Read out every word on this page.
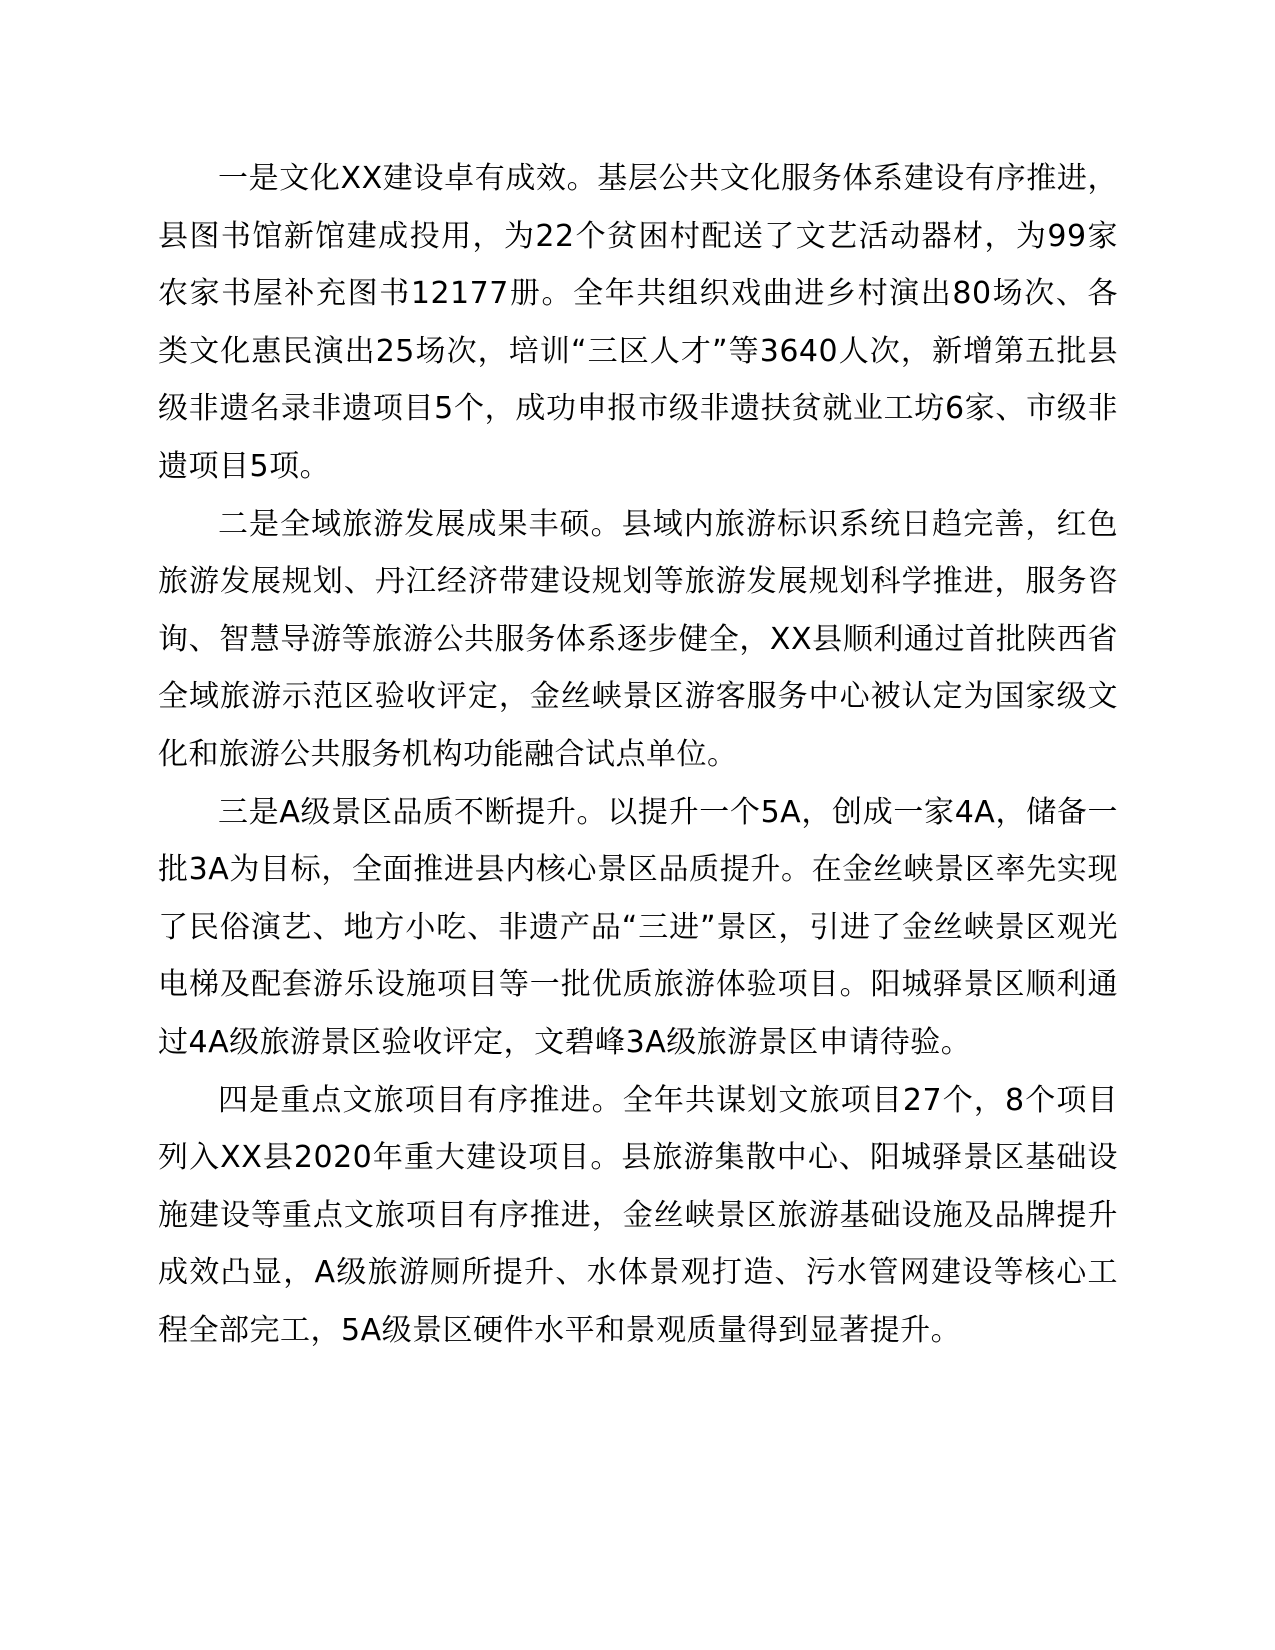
一是文化XX建设卓有成效。基层公共文化服务体系建设有序推进，县图书馆新馆建成投用，为22个贫困村配送了文艺活动器材，为99家农家书屋补充图书12177册。全年共组织戏曲进乡村演出80场次、各类文化惠民演出25场次，培训“三区人才”等3640人次，新增第五批县级非遗名录非遗项目5个，成功申报市级非遗扶贫就业工坊6家、市级非遗项目5项。

二是全域旅游发展成果丰硕。县域内旅游标识系统日趋完善，红色旅游发展规划、丹江经济带建设规划等旅游发展规划科学推进，服务咨询、智慧导游等旅游公共服务体系逐步健全，XX县顺利通过首批陕西省全域旅游示范区验收评定，金丝峡景区游客服务中心被认定为国家级文化和旅游公共服务机构功能融合试点单位。

三是A级景区品质不断提升。以提升一个5A，创成一家4A，储备一批3A为目标，全面推进县内核心景区品质提升。在金丝峡景区率先实现了民俗演艺、地方小吃、非遗产品“三进”景区，引进了金丝峡景区观光电梯及配套游乐设施项目等一批优质旅游体验项目。阳城驿景区顺利通过4A级旅游景区验收评定，文碧峰3A级旅游景区申请待验。

四是重点文旅项目有序推进。全年共谋划文旅项目27个，8个项目列入XX县2020年重大建设项目。县旅游集散中心、阳城驿景区基础设施建设等重点文旅项目有序推进，金丝峡景区旅游基础设施及品牌提升成效凸显，A级旅游厕所提升、水体景观打造、污水管网建设等核心工程全部完工，5A级景区硬件水平和景观质量得到显著提升。
